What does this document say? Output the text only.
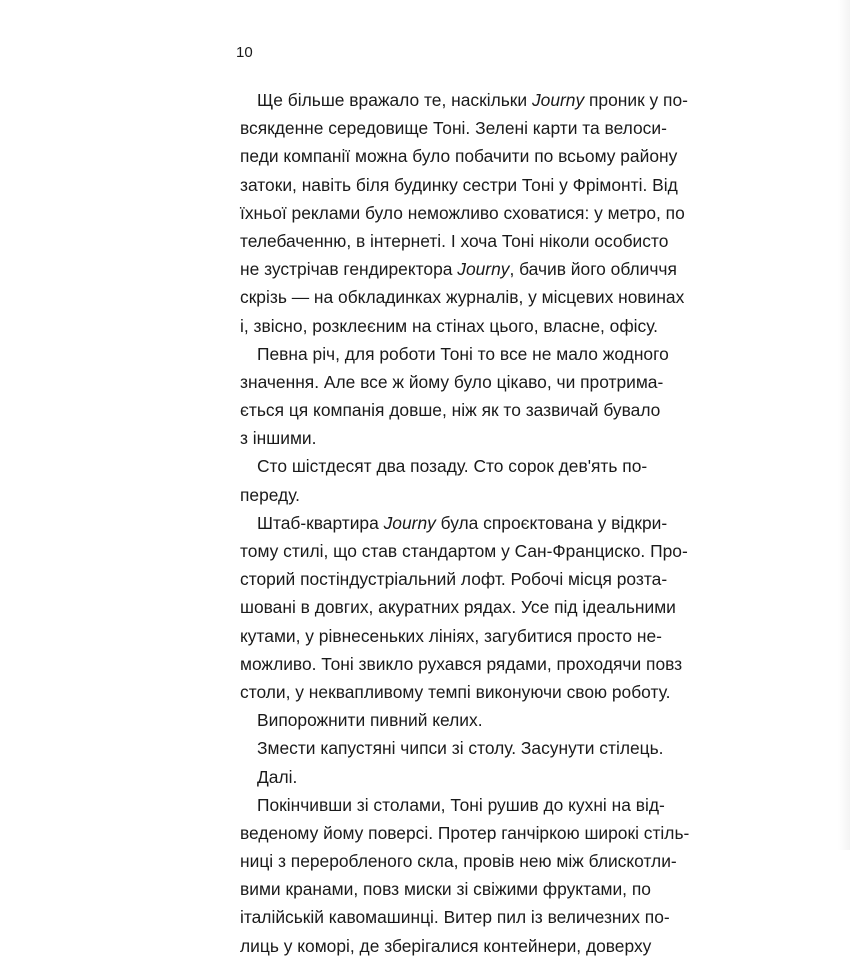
10
Ще більше вражало те, наскільки Journy проник у по-
всякденне середовище Тоні. Зелені карти та велоси-
педи компанії можна було побачити по всьому району
затоки, навіть біля будинку сестри Тоні у Фрімонті. Від
їхньої реклами було неможливо сховатися: у метро, по
телебаченню, в інтернеті. І хоча Тоні ніколи особисто
не зустрічав гендиректора Journy, бачив його обличчя
скрізь — на обкладинках журналів, у місцевих новинах
і, звісно, розклеєним на стінах цього, власне, офісу.
Певна річ, для роботи Тоні то все не мало жодного
значення. Але все ж йому було цікаво, чи протрима-
ється ця компанія довше, ніж як то зазвичай бувало
з іншими.
Сто шістдесят два позаду. Сто сорок дев'ять по-
переду.
Штаб-квартира Journy була спроєктована у відкри-
тому стилі, що став стандартом у Сан-Франциско. Про-
сторий постіндустріальний лофт. Робочі місця розта-
шовані в довгих, акуратних рядах. Усе під ідеальними
кутами, у рівнесеньких лініях, загубитися просто не-
можливо. Тоні звикло рухався рядами, проходячи повз
столи, у неквапливому темпі виконуючи свою роботу.
Випорожнити пивний келих.
Змести капустяні чипси зі столу. Засунути стілець.
Далі.
Покінчивши зі столами, Тоні рушив до кухні на від-
веденому йому поверсі. Протер ганчіркою широкі стіль-
ниці з переробленого скла, провів нею між блискотли-
вими кранами, повз миски зі свіжими фруктами, по
італійській кавомашинці. Витер пил із величезних по-
лиць у коморі, де зберігалися контейнери, доверху
